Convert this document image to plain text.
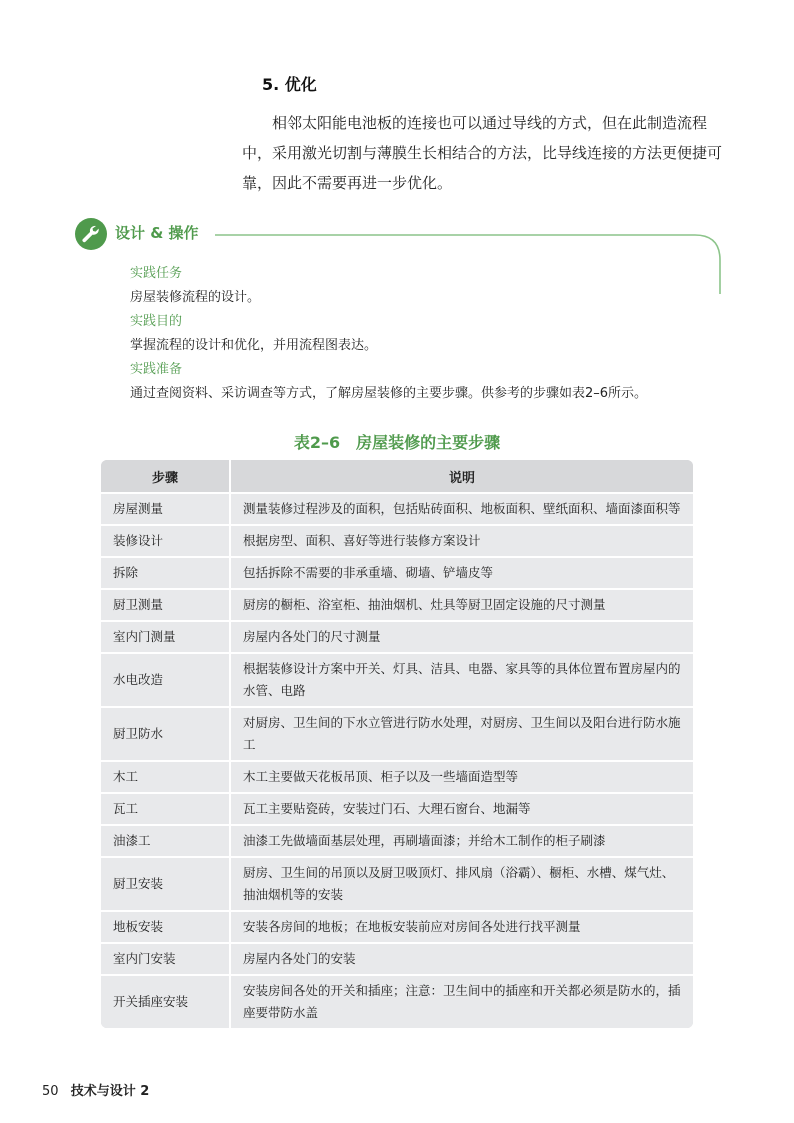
5. 优化

相邻太阳能电池板的连接也可以通过导线的方式，但在此制造流程中，采用激光切割与薄膜生长相结合的方法，比导线连接的方法更便捷可靠，因此不需要再进一步优化。

设计 & 操作
实践任务
房屋装修流程的设计。
实践目的
掌握流程的设计和优化，并用流程图表达。
实践准备
通过查阅资料、采访调查等方式，了解房屋装修的主要步骤。供参考的步骤如表2–6所示。
表2–6　房屋装修的主要步骤
步骤	说明
房屋测量	测量装修过程涉及的面积，包括贴砖面积、地板面积、壁纸面积、墙面漆面积等
装修设计	根据房型、面积、喜好等进行装修方案设计
拆除	包括拆除不需要的非承重墙、砌墙、铲墙皮等
厨卫测量	厨房的橱柜、浴室柜、抽油烟机、灶具等厨卫固定设施的尺寸测量
室内门测量	房屋内各处门的尺寸测量
水电改造	根据装修设计方案中开关、灯具、洁具、电器、家具等的具体位置布置房屋内的水管、电路
厨卫防水	对厨房、卫生间的下水立管进行防水处理，对厨房、卫生间以及阳台进行防水施工
木工	木工主要做天花板吊顶、柜子以及一些墙面造型等
瓦工	瓦工主要贴瓷砖，安装过门石、大理石窗台、地漏等
油漆工	油漆工先做墙面基层处理，再刷墙面漆；并给木工制作的柜子刷漆
厨卫安装	厨房、卫生间的吊顶以及厨卫吸顶灯、排风扇（浴霸）、橱柜、水槽、煤气灶、抽油烟机等的安装
地板安装	安装各房间的地板；在地板安装前应对房间各处进行找平测量
室内门安装	房屋内各处门的安装
开关插座安装	安装房间各处的开关和插座；注意：卫生间中的插座和开关都必须是防水的，插座要带防水盖
50 技术与设计 2
